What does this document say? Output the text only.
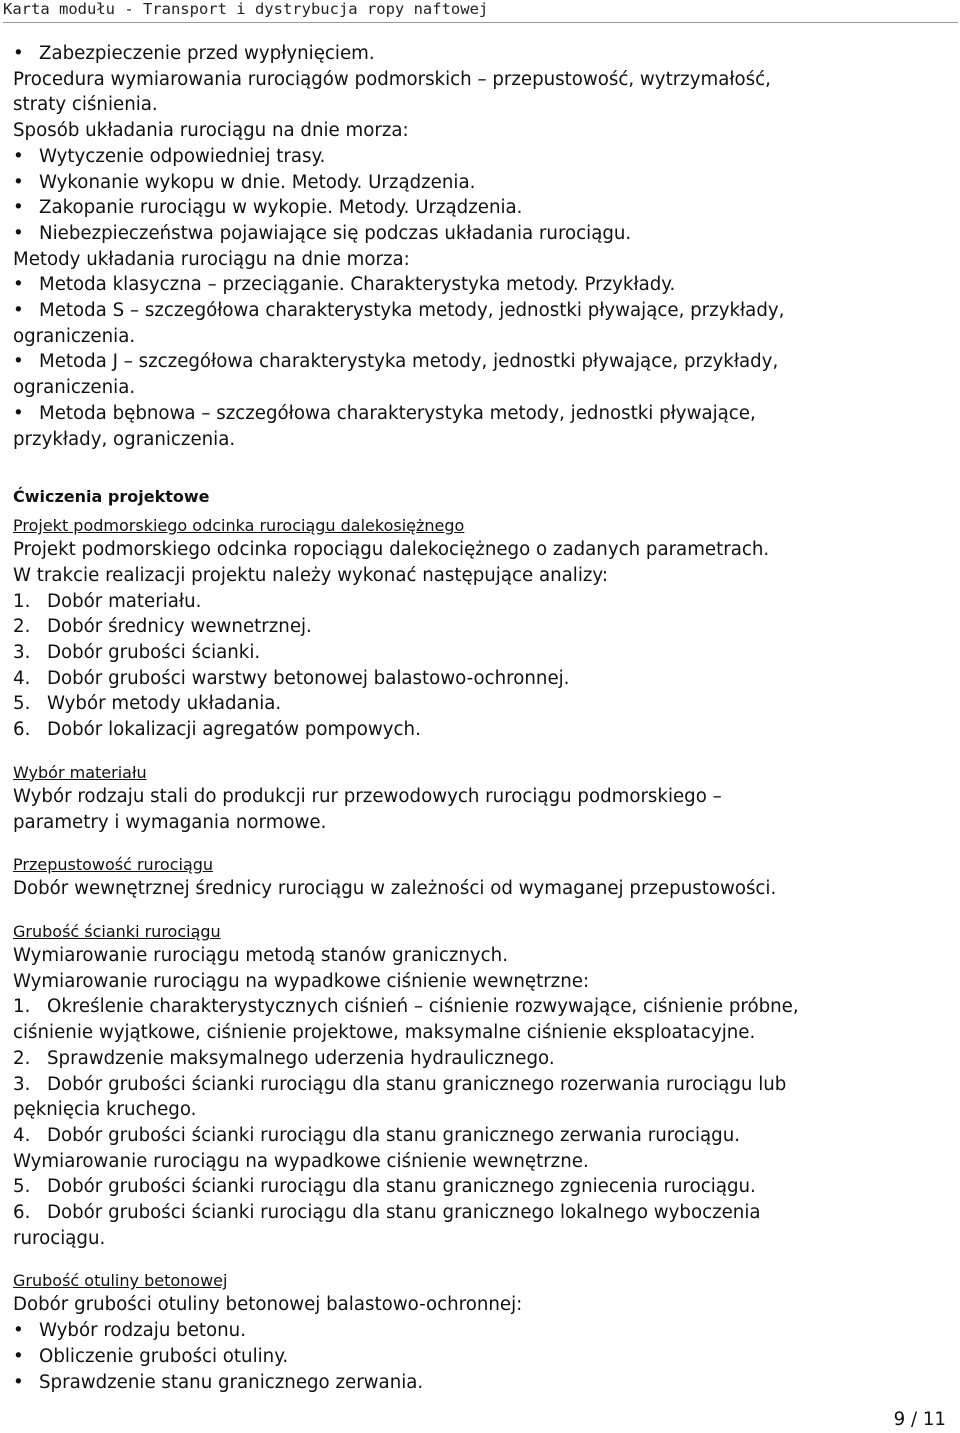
Karta modułu - Transport i dystrybucja ropy naftowej
• Zabezpieczenie przed wypłynięciem.
Procedura wymiarowania rurociągów podmorskich – przepustowość, wytrzymałość,
straty ciśnienia.
Sposób układania rurociągu na dnie morza:
• Wytyczenie odpowiedniej trasy.
• Wykonanie wykopu w dnie. Metody. Urządzenia.
• Zakopanie rurociągu w wykopie. Metody. Urządzenia.
• Niebezpieczeństwa pojawiające się podczas układania rurociągu.
Metody układania rurociągu na dnie morza:
• Metoda klasyczna – przeciąganie. Charakterystyka metody. Przykłady.
• Metoda S – szczegółowa charakterystyka metody, jednostki pływające, przykłady,
ograniczenia.
• Metoda J – szczegółowa charakterystyka metody, jednostki pływające, przykłady,
ograniczenia.
• Metoda bębnowa – szczegółowa charakterystyka metody, jednostki pływające,
przykłady, ograniczenia.
Ćwiczenia projektowe
Projekt podmorskiego odcinka rurociągu dalekosiężnego
Projekt podmorskiego odcinka ropociągu dalekociężnego o zadanych parametrach.
W trakcie realizacji projektu należy wykonać następujące analizy:
1. Dobór materiału.
2. Dobór średnicy wewnetrznej.
3. Dobór grubości ścianki.
4. Dobór grubości warstwy betonowej balastowo-ochronnej.
5. Wybór metody układania.
6. Dobór lokalizacji agregatów pompowych.
Wybór materiału
Wybór rodzaju stali do produkcji rur przewodowych rurociągu podmorskiego –
parametry i wymagania normowe.
Przepustowość rurociągu
Dobór wewnętrznej średnicy rurociągu w zależności od wymaganej przepustowości.
Grubość ścianki rurociągu
Wymiarowanie rurociągu metodą stanów granicznych.
Wymiarowanie rurociągu na wypadkowe ciśnienie wewnętrzne:
1. Określenie charakterystycznych ciśnień – ciśnienie rozwywające, ciśnienie próbne,
ciśnienie wyjątkowe, ciśnienie projektowe, maksymalne ciśnienie eksploatacyjne.
2. Sprawdzenie maksymalnego uderzenia hydraulicznego.
3. Dobór grubości ścianki rurociągu dla stanu granicznego rozerwania rurociągu lub
pęknięcia kruchego.
4. Dobór grubości ścianki rurociągu dla stanu granicznego zerwania rurociągu.
Wymiarowanie rurociągu na wypadkowe ciśnienie wewnętrzne.
5. Dobór grubości ścianki rurociągu dla stanu granicznego zgniecenia rurociągu.
6. Dobór grubości ścianki rurociągu dla stanu granicznego lokalnego wyboczenia
rurociągu.
Grubość otuliny betonowej
Dobór grubości otuliny betonowej balastowo-ochronnej:
• Wybór rodzaju betonu.
• Obliczenie grubości otuliny.
• Sprawdzenie stanu granicznego zerwania.
9 / 11
